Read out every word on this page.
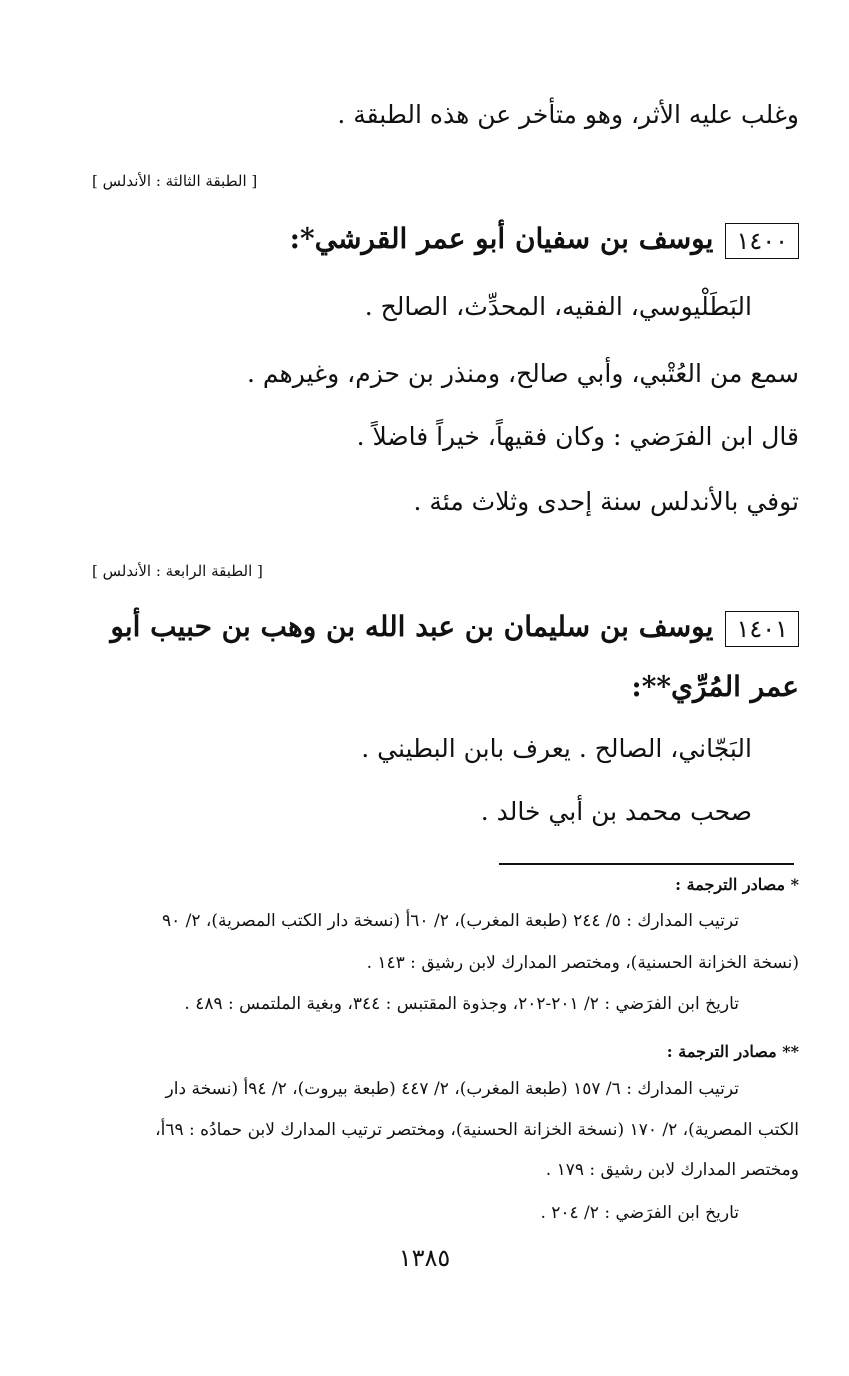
وغلب عليه الأثر، وهو متأخر عن هذه الطبقة .
[ الطبقة الثالثة : الأندلس ]
١٤٠٠يوسف بن سفيان أبو عمر القرشي*:
البَطَلْيوسي، الفقيه، المحدِّث، الصالح .
سمع من العُتْبي، وأبي صالح، ومنذر بن حزم، وغيرهم .
قال ابن الفرَضي : وكان فقيهاً، خيراً فاضلاً .
توفي بالأندلس سنة إحدى وثلاث مئة .
[ الطبقة الرابعة : الأندلس ]
١٤٠١يوسف بن سليمان بن عبد الله بن وهب بن حبيب أبو
عمر المُرِّي**:
البَجّاني، الصالح . يعرف بابن البطيني .
صحب محمد بن أبي خالد .
* مصادر الترجمة :
ترتيب المدارك : ٥/ ٢٤٤ (طبعة المغرب)، ٢/ ٦٠أ (نسخة دار الكتب المصرية)، ٢/ ٩٠
(نسخة الخزانة الحسنية)، ومختصر المدارك لابن رشيق : ١٤٣ .
تاريخ ابن الفرَضي : ٢/ ٢٠١-٢٠٢، وجذوة المقتبس : ٣٤٤، وبغية الملتمس : ٤٨٩ .
** مصادر الترجمة :
ترتيب المدارك : ٦/ ١٥٧ (طبعة المغرب)، ٢/ ٤٤٧ (طبعة بيروت)، ٢/ ٩٤أ (نسخة دار
الكتب المصرية)، ٢/ ١٧٠ (نسخة الخزانة الحسنية)، ومختصر ترتيب المدارك لابن حمادُه : ٦٩أ،
ومختصر المدارك لابن رشيق : ١٧٩ .
تاريخ ابن الفرَضي : ٢/ ٢٠٤ .
١٣٨٥
